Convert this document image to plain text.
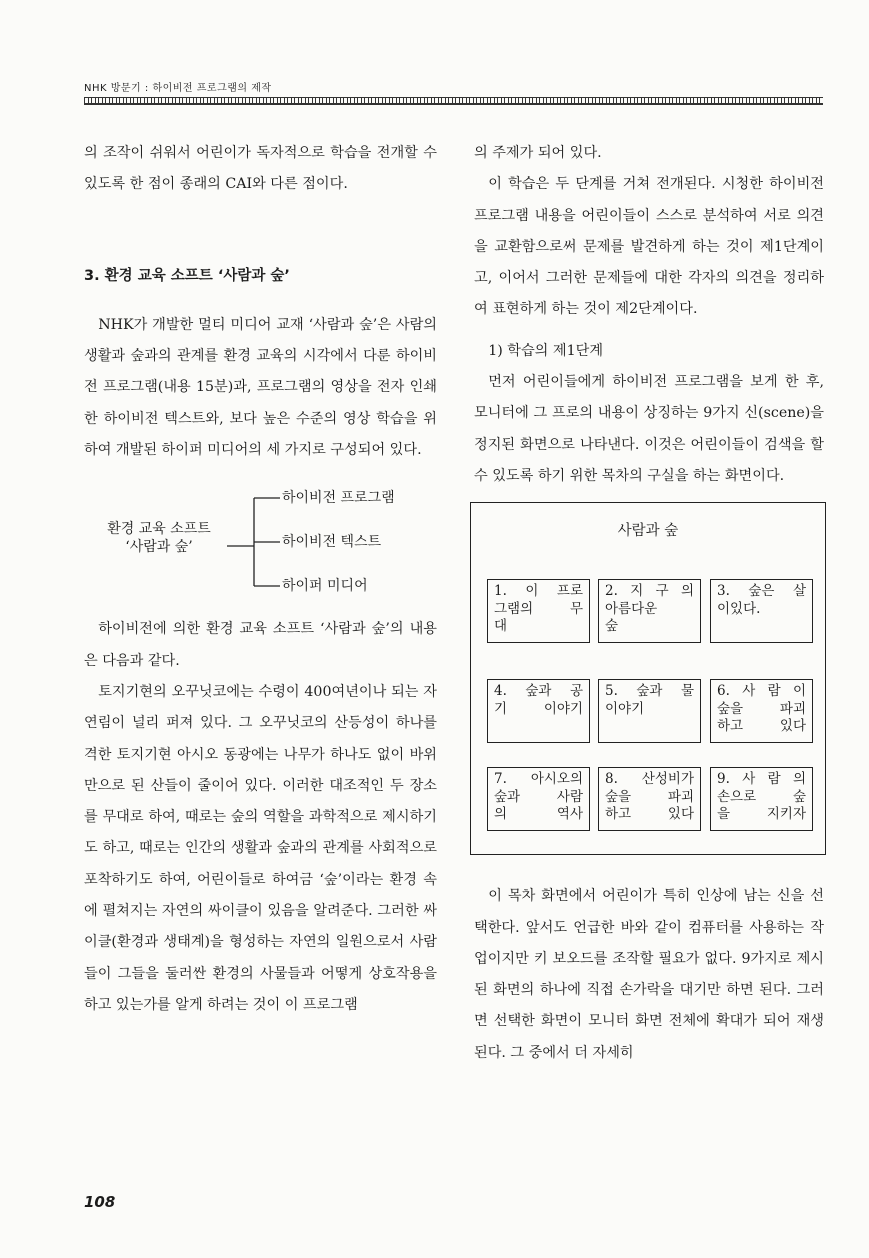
NHK 방문기 : 하이비전 프로그램의 제작

의 조작이 쉬워서 어린이가 독자적으로 학습을 전개할 수 있도록 한 점이 종래의 CAI와 다른 점이다.

3. 환경 교육 소프트 ‘사람과 숲’

NHK가 개발한 멀티 미디어 교재 ‘사람과 숲’은 사람의 생활과 숲과의 관계를 환경 교육의 시각에서 다룬 하이비전 프로그램(내용 15분)과, 프로그램의 영상을 전자 인쇄한 하이비전 텍스트와, 보다 높은 수준의 영상 학습을 위하여 개발된 하이퍼 미디어의 세 가지로 구성되어 있다.

환경 교육 소프트
‘사람과 숲’
하이비전 프로그램
하이비전 텍스트
하이퍼 미디어

하이비전에 의한 환경 교육 소프트 ‘사람과 숲’의 내용은 다음과 같다.

토지기현의 오꾸닛코에는 수령이 400여년이나 되는 자연림이 널리 퍼져 있다. 그 오꾸닛코의 산등성이 하나를 격한 토지기현 아시오 동광에는 나무가 하나도 없이 바위만으로 된 산들이 줄이어 있다. 이러한 대조적인 두 장소를 무대로 하여, 때로는 숲의 역할을 과학적으로 제시하기도 하고, 때로는 인간의 생활과 숲과의 관계를 사회적으로 포착하기도 하여, 어린이들로 하여금 ‘숲’이라는 환경 속에 펼쳐지는 자연의 싸이클이 있음을 알려준다. 그러한 싸이클(환경과 생태계)을 형성하는 자연의 일원으로서 사람들이 그들을 둘러싼 환경의 사물들과 어떻게 상호작용을 하고 있는가를 알게 하려는 것이 이 프로그램

의 주제가 되어 있다.

이 학습은 두 단계를 거쳐 전개된다. 시청한 하이비전 프로그램 내용을 어린이들이 스스로 분석하여 서로 의견을 교환함으로써 문제를 발견하게 하는 것이 제1단계이고, 이어서 그러한 문제들에 대한 각자의 의견을 정리하여 표현하게 하는 것이 제2단계이다.

1) 학습의 제1단계

먼저 어린이들에게 하이비전 프로그램을 보게 한 후, 모니터에 그 프로의 내용이 상징하는 9가지 신(scene)을 정지된 화면으로 나타낸다. 이것은 어린이들이 검색을 할 수 있도록 하기 위한 목차의 구실을 하는 화면이다.

사람과 숲
1. 이 프로
그램의 무
대
2. 지 구 의
아름다운
숲
3. 숲은 살
이있다.
4. 숲과 공
기 이야기
5. 숲과 물
이야기
6. 사 람 이
숲을 파괴
하고 있다
7. 아시오의
숲과 사람
의 역사
8. 산성비가
숲을 파괴
하고 있다
9. 사 람 의
손으로 숲
을 지키자

이 목차 화면에서 어린이가 특히 인상에 남는 신을 선택한다. 앞서도 언급한 바와 같이 컴퓨터를 사용하는 작업이지만 키 보오드를 조작할 필요가 없다. 9가지로 제시된 화면의 하나에 직접 손가락을 대기만 하면 된다. 그러면 선택한 화면이 모니터 화면 전체에 확대가 되어 재생된다. 그 중에서 더 자세히

108
